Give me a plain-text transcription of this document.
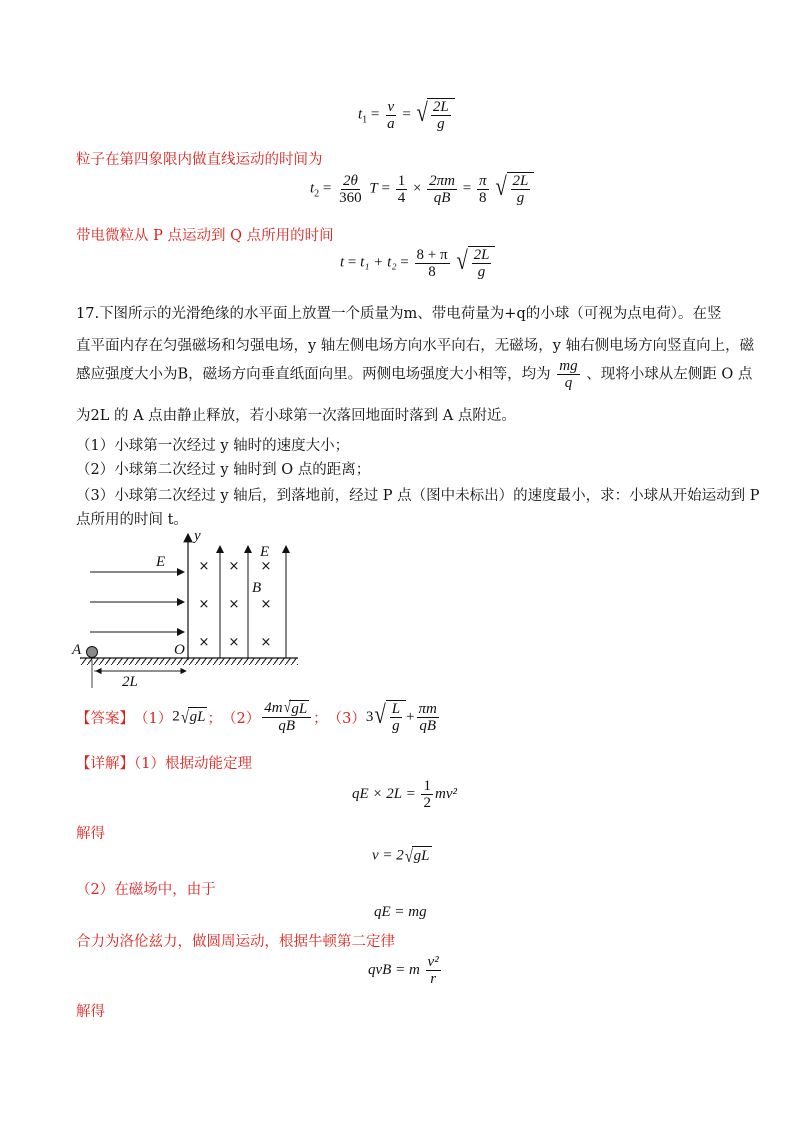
$t_1 = \frac{v}{a}$ = √ $\frac{2L}{g}$
粒子在第四象限内做直线运动的时间为
$t_2 = \frac{2\theta}{360}$ $T = \frac{1}{4} \times \frac{2\pi m}{qB} = \frac{\pi}{8}$
√ $\frac{2L}{g}$
带电微粒从 P 点运动到 Q 点所用的时间
$t = t_1 + t_2 = \frac{8 + \pi}{8}$
√ $\frac{2L}{g}$
17.下图所示的光滑绝缘的水平面上放置一个质量为m、带电荷量为+q的小球（可视为点电荷）。在竖
直平面内存在匀强磁场和匀强电场，y 轴左侧电场方向水平向右，无磁场，y 轴右侧电场方向竖直向上，磁
感应强度大小为B，磁场方向垂直纸面向里。两侧电场强度大小相等，均为 $\frac{mg}{q}$ 、现将小球从左侧距 O 点
为2L 的 A 点由静止释放，若小球第一次落回地面时落到 A 点附近。
（1）小球第一次经过 y 轴时的速度大小；
（2）小球第二次经过 y 轴时到 O 点的距离；
（3）小球第二次经过 y 轴后，到落地前，经过 P 点（图中未标出）的速度最小，求：小球从开始运动到 P
点所用的时间 t。
× × ×
× × ×
× × ×
y
E
E
B
A	O
2L
【答案】 （1） 2 √ gL ； $(2) \frac{4m √ gL}{qB}$ ； （3） 3 √ $\frac{L}{g} + \frac{\pi m}{qB}$
【详解】（1）根据动能定理
qE × $2L = \frac{1}{2} mv^2$
解得
v = 2 √ gL
（2）在磁场中，由于
qE = mg
合力为洛伦兹力，做圆周运动，根据牛顿第二定律
qvB = m $\frac{\text{v²}}{r}$
解得
